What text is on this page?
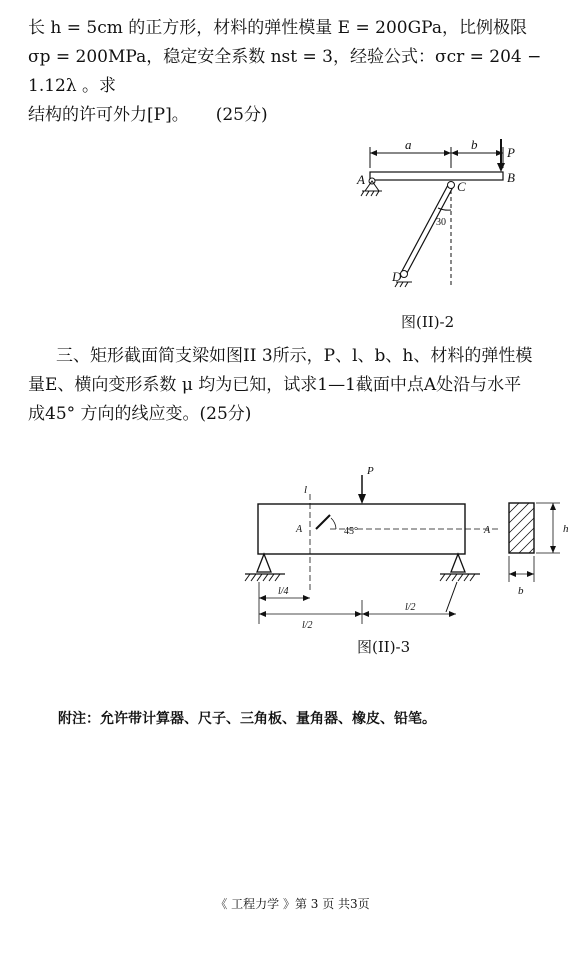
长 h = 5cm 的正方形，材料的弹性模量 E = 200GPa，比例极限
σp = 200MPa，稳定安全系数 nst = 3，经验公式：σcr = 204 − 1.12λ 。求
结构的许可外力[P]。     (25分)
a	b
P
A	B
C
D
30
图(II)-2
三、矩形截面简支梁如图II 3所示，P、l、b、h、材料的弹性模
量E、横向变形系数 μ 均为已知，试求1—1截面中点A处沿与水平
成45° 方向的线应变。(25分)
P
l
A	45°	A	h
b
l/4
l/2
l/2
图(II)-3
附注：允许带计算器、尺子、三角板、量角器、橡皮、铅笔。
《 工程力学 》第 3 页 共3页
